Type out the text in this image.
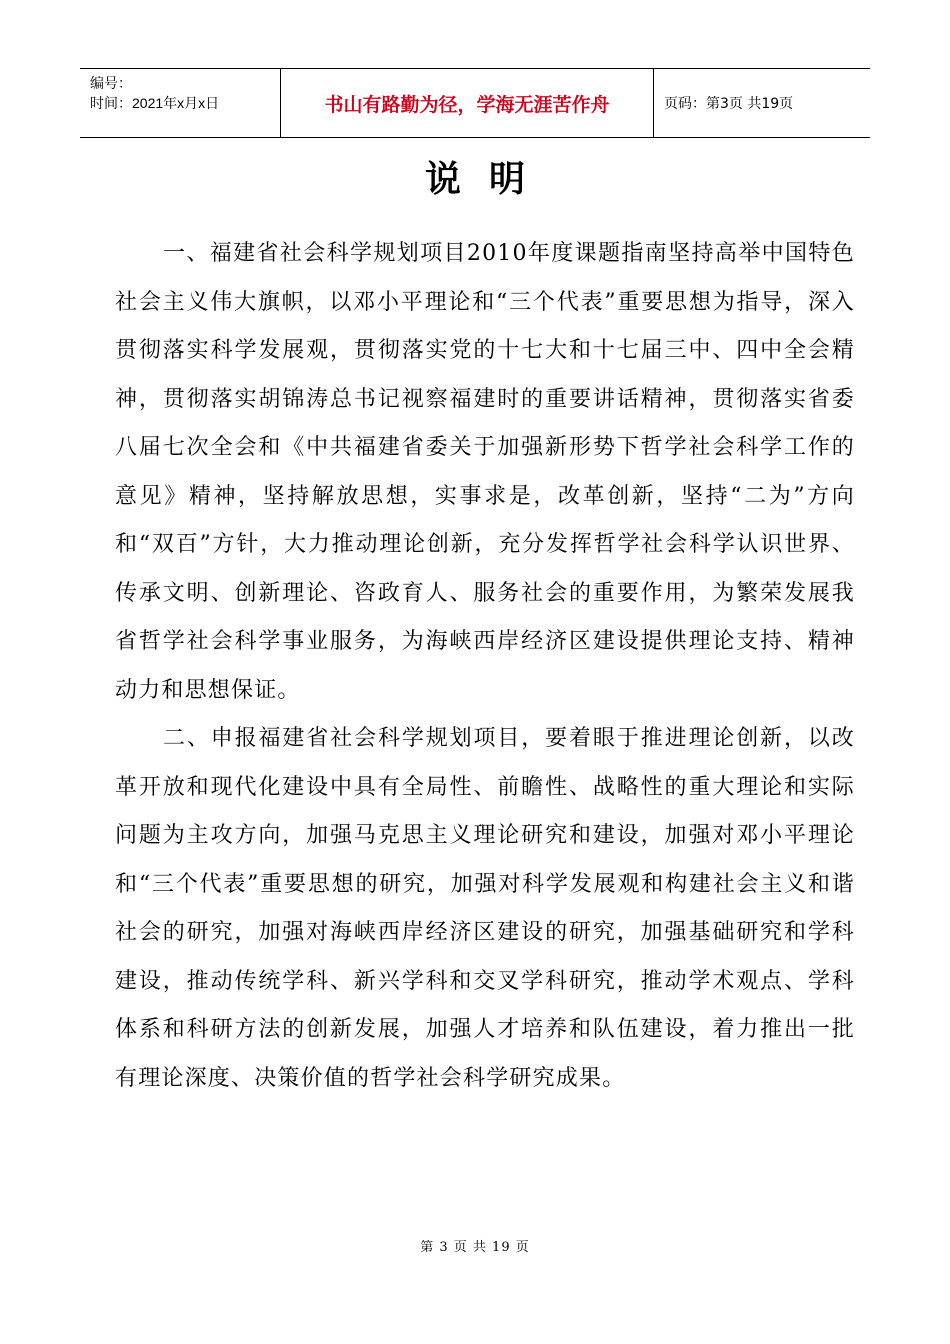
编号：
时间：2021年x月x日	书山有路勤为径，学海无涯苦作舟	页码：第3页 共19页
说明

一、福建省社会科学规划项目2010年度课题指南坚持高举中国特色社会主义伟大旗帜，以邓小平理论和“三个代表”重要思想为指导，深入贯彻落实科学发展观，贯彻落实党的十七大和十七届三中、四中全会精神，贯彻落实胡锦涛总书记视察福建时的重要讲话精神，贯彻落实省委八届七次全会和《中共福建省委关于加强新形势下哲学社会科学工作的意见》精神，坚持解放思想，实事求是，改革创新，坚持“二为”方向和“双百”方针，大力推动理论创新，充分发挥哲学社会科学认识世界、传承文明、创新理论、咨政育人、服务社会的重要作用，为繁荣发展我省哲学社会科学事业服务，为海峡西岸经济区建设提供理论支持、精神动力和思想保证。

二、申报福建省社会科学规划项目，要着眼于推进理论创新，以改革开放和现代化建设中具有全局性、前瞻性、战略性的重大理论和实际问题为主攻方向，加强马克思主义理论研究和建设，加强对邓小平理论和“三个代表”重要思想的研究，加强对科学发展观和构建社会主义和谐社会的研究，加强对海峡西岸经济区建设的研究，加强基础研究和学科建设，推动传统学科、新兴学科和交叉学科研究，推动学术观点、学科体系和科研方法的创新发展，加强人才培养和队伍建设，着力推出一批有理论深度、决策价值的哲学社会科学研究成果。

第 3 页 共 19 页
